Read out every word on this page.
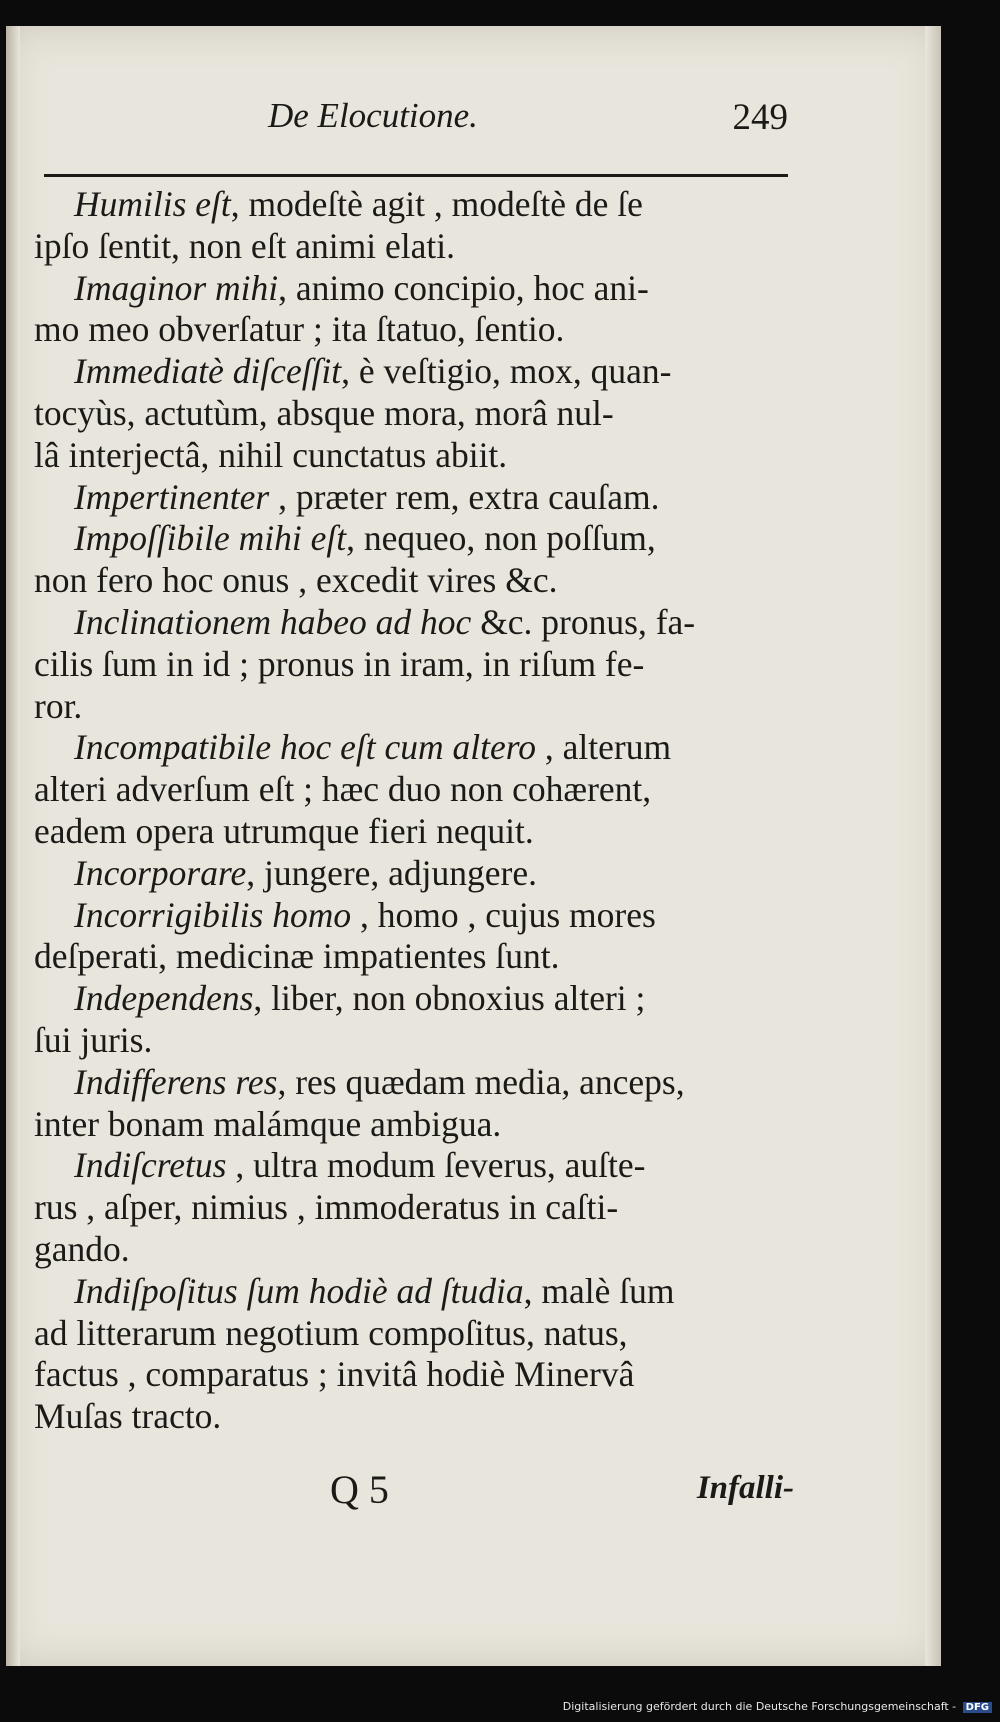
De Elocutione.	249
Humilis eſt, modeſtè agit , modeſtè de ſe
ipſo ſentit, non eſt animi elati.
Imaginor mihi, animo concipio, hoc ani-
mo meo obverſatur ; ita ſtatuo, ſentio.
Immediatè diſceſſit, è veſtigio, mox, quan-
tocyùs, actutùm, absque mora, morâ nul-
lâ interjectâ, nihil cunctatus abiit.
Impertinenter , præter rem, extra cauſam.
Impoſſibile mihi eſt, nequeo, non poſſum,
non fero hoc onus , excedit vires &c.
Inclinationem habeo ad hoc &c. pronus, fa-
cilis ſum in id ; pronus in iram, in riſum fe-
ror.
Incompatibile hoc eſt cum altero , alterum
alteri adverſum eſt ; hæc duo non cohærent,
eadem opera utrumque fieri nequit.
Incorporare, jungere, adjungere.
Incorrigibilis homo , homo , cujus mores
deſperati, medicinæ impatientes ſunt.
Independens, liber, non obnoxius alteri ;
ſui juris.
Indifferens res, res quædam media, anceps,
inter bonam malámque ambigua.
Indiſcretus , ultra modum ſeverus, auſte-
rus , aſper, nimius , immoderatus in caſti-
gando.
Indiſpoſitus ſum hodiè ad ſtudia, malè ſum
ad litterarum negotium compoſitus, natus,
factus , comparatus ; invitâ hodiè Minervâ
Muſas tracto.
Q 5	Infalli-
Digitalisierung gefördert durch die Deutsche Forschungsgemeinschaft - DFG
